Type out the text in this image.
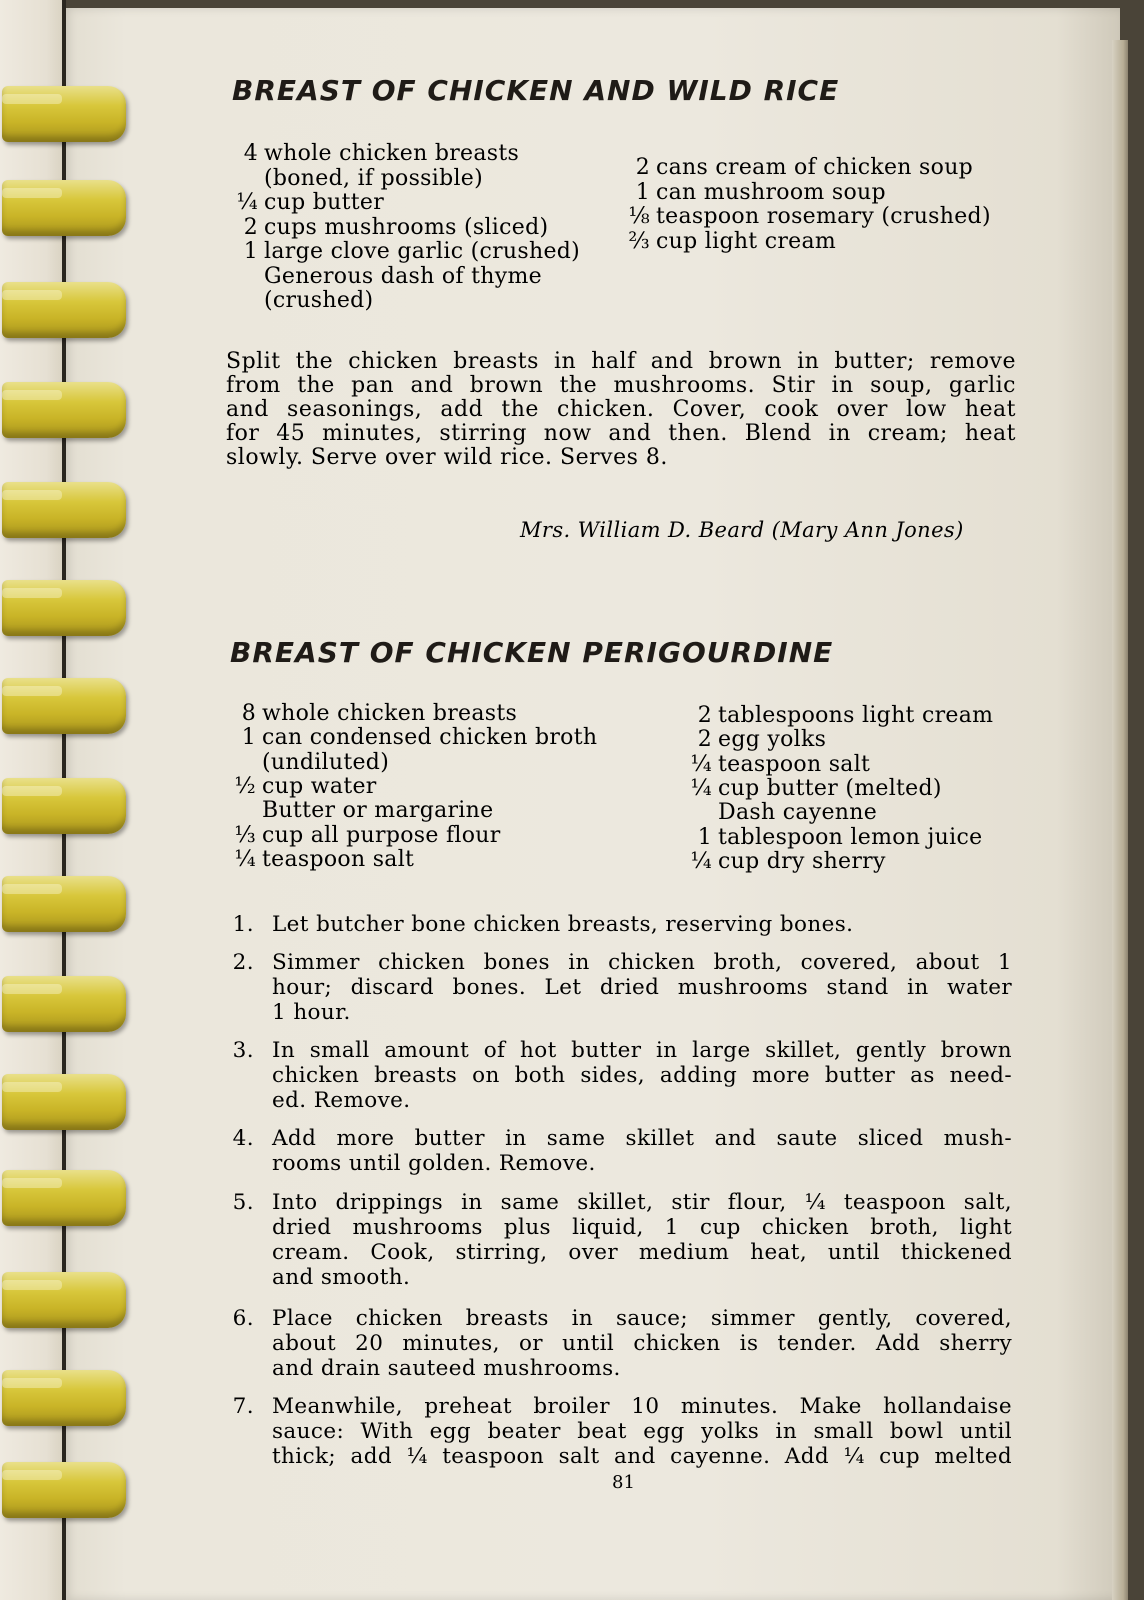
BREAST OF CHICKEN AND WILD RICE
4 whole chicken breasts
(boned, if possible)
¼ cup butter
2 cups mushrooms (sliced)
1 large clove garlic (crushed)
Generous dash of thyme
(crushed)
2 cans cream of chicken soup
1 can mushroom soup
⅛ teaspoon rosemary (crushed)
⅔ cup light cream
Split the chicken breasts in half and brown in butter; remove
from the pan and brown the mushrooms. Stir in soup, garlic
and seasonings, add the chicken. Cover, cook over low heat
for 45 minutes, stirring now and then. Blend in cream; heat
slowly. Serve over wild rice. Serves 8.
Mrs. William D. Beard (Mary Ann Jones)
BREAST OF CHICKEN PERIGOURDINE
8 whole chicken breasts
1 can condensed chicken broth
(undiluted)
½ cup water
Butter or margarine
⅓ cup all purpose flour
¼ teaspoon salt
2 tablespoons light cream
2 egg yolks
¼ teaspoon salt
¼ cup butter (melted)
Dash cayenne
1 tablespoon lemon juice
¼ cup dry sherry
1. Let butcher bone chicken breasts, reserving bones.
2. Simmer chicken bones in chicken broth, covered, about 1
hour; discard bones. Let dried mushrooms stand in water
1 hour.
3. In small amount of hot butter in large skillet, gently brown
chicken breasts on both sides, adding more butter as need-
ed. Remove.
4. Add more butter in same skillet and saute sliced mush-
rooms until golden. Remove.
5. Into drippings in same skillet, stir flour, ¼ teaspoon salt,
dried mushrooms plus liquid, 1 cup chicken broth, light
cream. Cook, stirring, over medium heat, until thickened
and smooth.
6. Place chicken breasts in sauce; simmer gently, covered,
about 20 minutes, or until chicken is tender. Add sherry
and drain sauteed mushrooms.
7. Meanwhile, preheat broiler 10 minutes. Make hollandaise
sauce: With egg beater beat egg yolks in small bowl until
thick; add ¼ teaspoon salt and cayenne. Add ¼ cup melted
81
